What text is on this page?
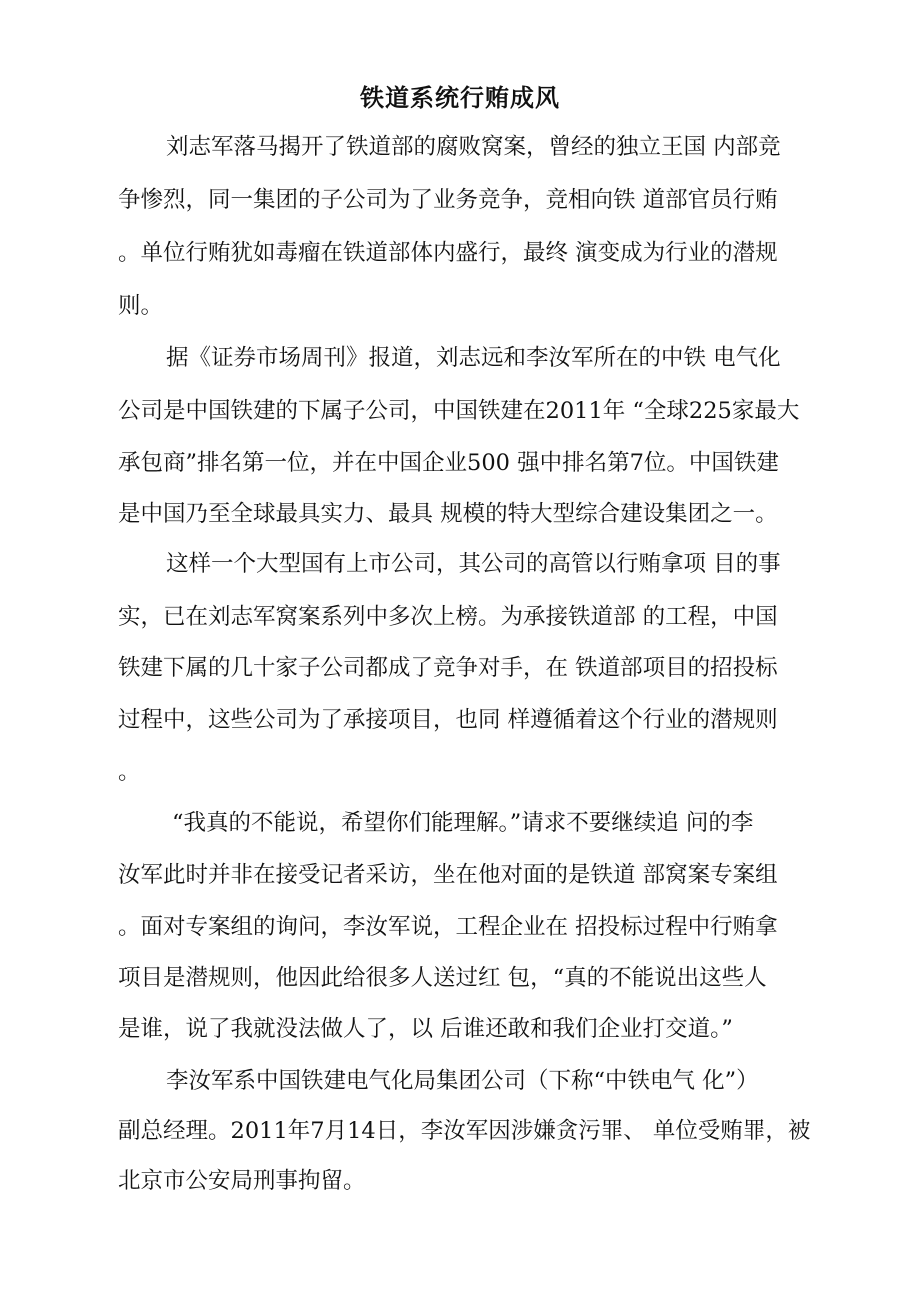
铁道系统行贿成风
刘志军落马揭开了铁道部的腐败窝案，曾经的独立王国 内部竞
争惨烈，同一集团的子公司为了业务竞争，竞相向铁 道部官员行贿
。单位行贿犹如毒瘤在铁道部体内盛行，最终 演变成为行业的潜规
则。
据《证券市场周刊》报道，刘志远和李汝军所在的中铁 电气化
公司是中国铁建的下属子公司，中国铁建在2011年 “全球225家最大
承包商”排名第一位，并在中国企业500 强中排名第7位。中国铁建
是中国乃至全球最具实力、最具 规模的特大型综合建设集团之一。
这样一个大型国有上市公司，其公司的高管以行贿拿项 目的事
实，已在刘志军窝案系列中多次上榜。为承接铁道部 的工程，中国
铁建下属的几十家子公司都成了竞争对手，在 铁道部项目的招投标
过程中，这些公司为了承接项目，也同 样遵循着这个行业的潜规则
。
“我真的不能说，希望你们能理解。”请求不要继续追 问的李
汝军此时并非在接受记者采访，坐在他对面的是铁道 部窝案专案组
。面对专案组的询问，李汝军说，工程企业在 招投标过程中行贿拿
项目是潜规则，他因此给很多人送过红 包，“真的不能说出这些人
是谁，说了我就没法做人了，以 后谁还敢和我们企业打交道。”
李汝军系中国铁建电气化局集团公司（下称“中铁电气 化”）
副总经理。2011年7月14日，李汝军因涉嫌贪污罪、 单位受贿罪，被
北京市公安局刑事拘留。
